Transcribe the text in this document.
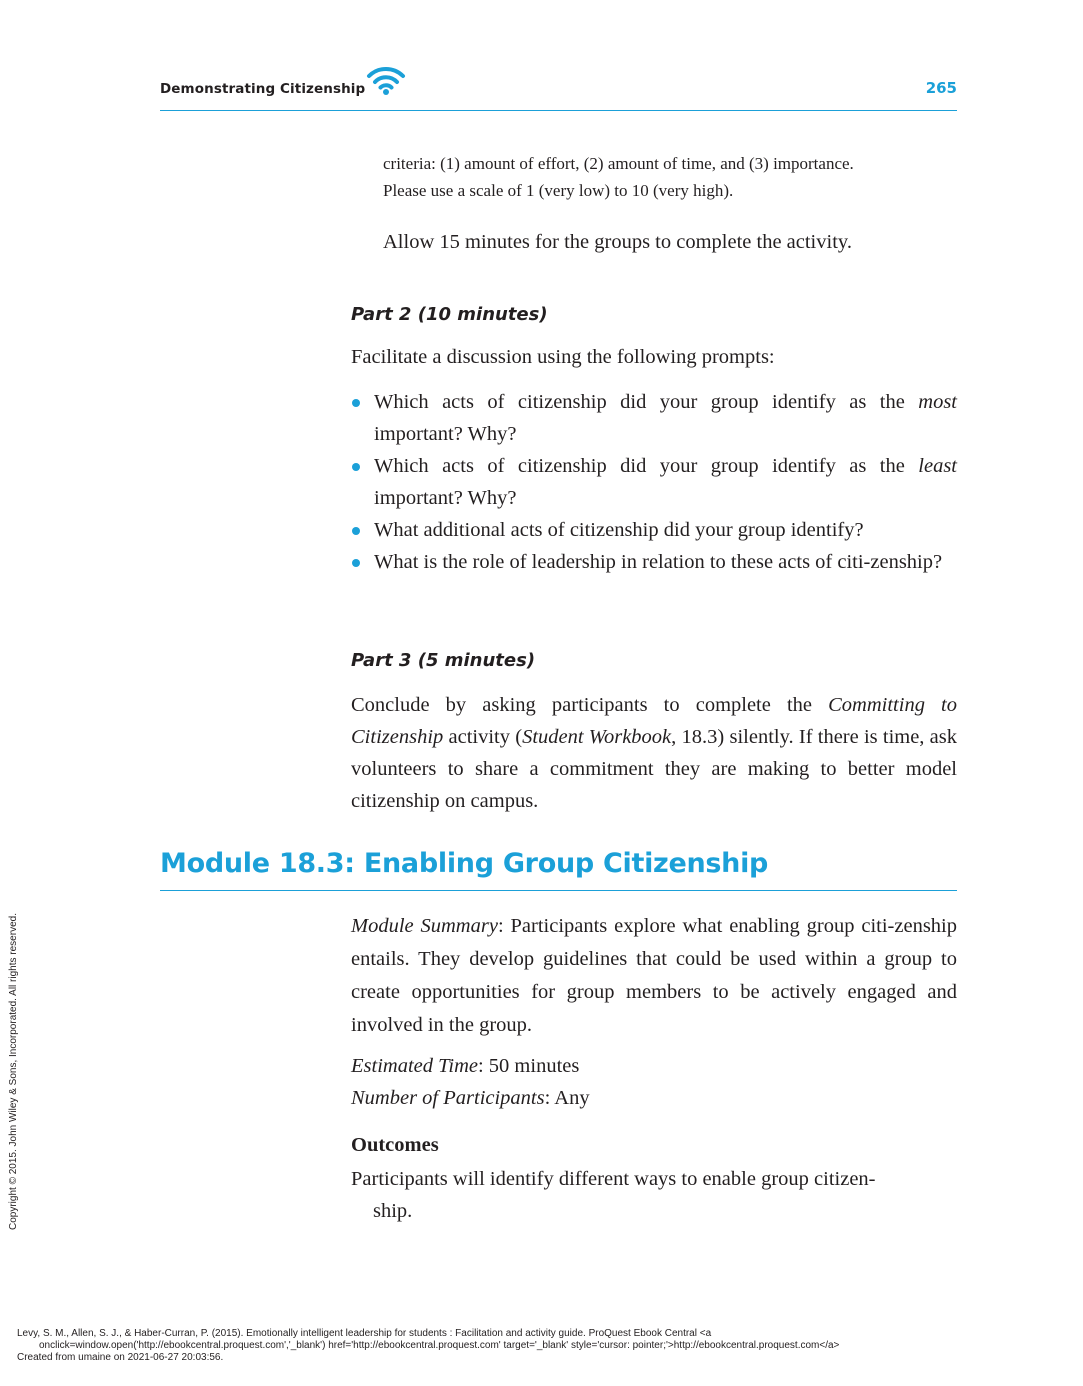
Demonstrating Citizenship	265

criteria: (1) amount of effort, (2) amount of time, and (3) importance.

Please use a scale of 1 (very low) to 10 (very high).

Allow 15 minutes for the groups to complete the activity.

Part 2 (10 minutes)

Facilitate a discussion using the following prompts:

Which acts of citizenship did your group identify as the most important? Why?
Which acts of citizenship did your group identify as the least important? Why?
What additional acts of citizenship did your group identify?
What is the role of leadership in relation to these acts of citi-zenship?
Part 3 (5 minutes)

Conclude by asking participants to complete the Committing to Citizenship activity (Student Workbook, 18.3) silently. If there is time, ask volunteers to share a commitment they are making to better model citizenship on campus.

Module 18.3: Enabling Group Citizenship

Module Summary: Participants explore what enabling group citi-zenship entails. They develop guidelines that could be used within a group to create opportunities for group members to be actively engaged and involved in the group.

Estimated Time: 50 minutes
Number of Participants: Any
Outcomes
Participants will identify different ways to enable group citizen-
ship.
Copyright © 2015. John Wiley & Sons, Incorporated. All rights reserved.
Levy, S. M., Allen, S. J., & Haber-Curran, P. (2015). Emotionally intelligent leadership for students : Facilitation and activity guide. ProQuest Ebook Central <a
onclick=window.open('http://ebookcentral.proquest.com','_blank') href='http://ebookcentral.proquest.com' target='_blank' style='cursor: pointer;'>http://ebookcentral.proquest.com</a>
Created from umaine on 2021-06-27 20:03:56.
